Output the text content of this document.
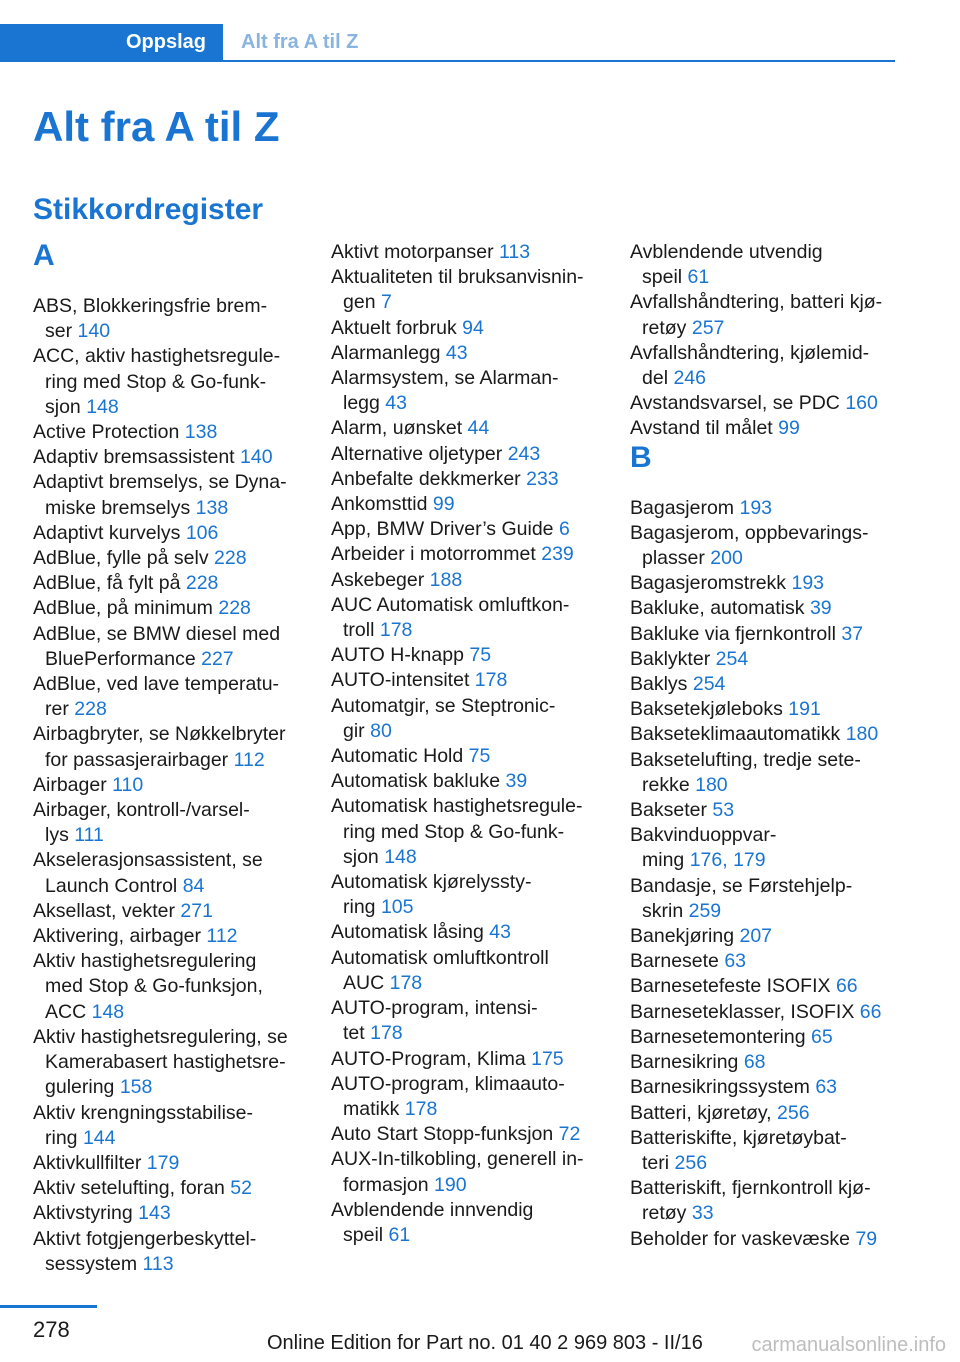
Oppslag	Alt fra A til Z
Alt fra A til Z
Stikkordregister
A
ABS, Blokkeringsfrie brem-
ser 140
ACC, aktiv hastighetsregule-
ring med Stop & Go-funk-
sjon 148
Active Protection 138
Adaptiv bremsassistent 140
Adaptivt bremselys, se Dyna-
miske bremselys 138
Adaptivt kurvelys 106
AdBlue, fylle på selv 228
AdBlue, få fylt på 228
AdBlue, på minimum 228
AdBlue, se BMW diesel med
BluePerformance 227
AdBlue, ved lave temperatu-
rer 228
Airbagbryter, se Nøkkelbryter
for passasjerairbager 112
Airbager 110
Airbager, kontroll-/varsel-
lys 111
Akselerasjonsassistent, se
Launch Control 84
Aksellast, vekter 271
Aktivering, airbager 112
Aktiv hastighetsregulering
med Stop & Go-funksjon,
ACC 148
Aktiv hastighetsregulering, se
Kamerabasert hastighetsre-
gulering 158
Aktiv krengningsstabilise-
ring 144
Aktivkullfilter 179
Aktiv setelufting, foran 52
Aktivstyring 143
Aktivt fotgjengerbeskyttel-
sessystem 113
Aktivt motorpanser 113
Aktualiteten til bruksanvisnin-
gen 7
Aktuelt forbruk 94
Alarmanlegg 43
Alarmsystem, se Alarman-
legg 43
Alarm, uønsket 44
Alternative oljetyper 243
Anbefalte dekkmerker 233
Ankomsttid 99
App, BMW Driver’s Guide 6
Arbeider i motorrommet 239
Askebeger 188
AUC Automatisk omluftkon-
troll 178
AUTO H-knapp 75
AUTO-intensitet 178
Automatgir, se Steptronic-
gir 80
Automatic Hold 75
Automatisk bakluke 39
Automatisk hastighetsregule-
ring med Stop & Go-funk-
sjon 148
Automatisk kjørelyssty-
ring 105
Automatisk låsing 43
Automatisk omluftkontroll
AUC 178
AUTO-program, intensi-
tet 178
AUTO-Program, Klima 175
AUTO-program, klimaauto-
matikk 178
Auto Start Stopp-funksjon 72
AUX-In-tilkobling, generell in-
formasjon 190
Avblendende innvendig
speil 61
Avblendende utvendig
speil 61
Avfallshåndtering, batteri kjø-
retøy 257
Avfallshåndtering, kjølemid-
del 246
Avstandsvarsel, se PDC 160
Avstand til målet 99
B
Bagasjerom 193
Bagasjerom, oppbevarings-
plasser 200
Bagasjeromstrekk 193
Bakluke, automatisk 39
Bakluke via fjernkontroll 37
Baklykter 254
Baklys 254
Baksetekjøleboks 191
Bakseteklimaautomatikk 180
Baksetelufting, tredje sete-
rekke 180
Bakseter 53
Bakvinduoppvar-
ming 176, 179
Bandasje, se Førstehjelp-
skrin 259
Banekjøring 207
Barnesete 63
Barnesetefeste ISOFIX 66
Barneseteklasser, ISOFIX 66
Barnesetemontering 65
Barnesikring 68
Barnesikringssystem 63
Batteri, kjøretøy, 256
Batteriskifte, kjøretøybat-
teri 256
Batteriskift, fjernkontroll kjø-
retøy 33
Beholder for vaskevæske 79
278
Online Edition for Part no. 01 40 2 969 803 - II/16 carmanualsonline.info
